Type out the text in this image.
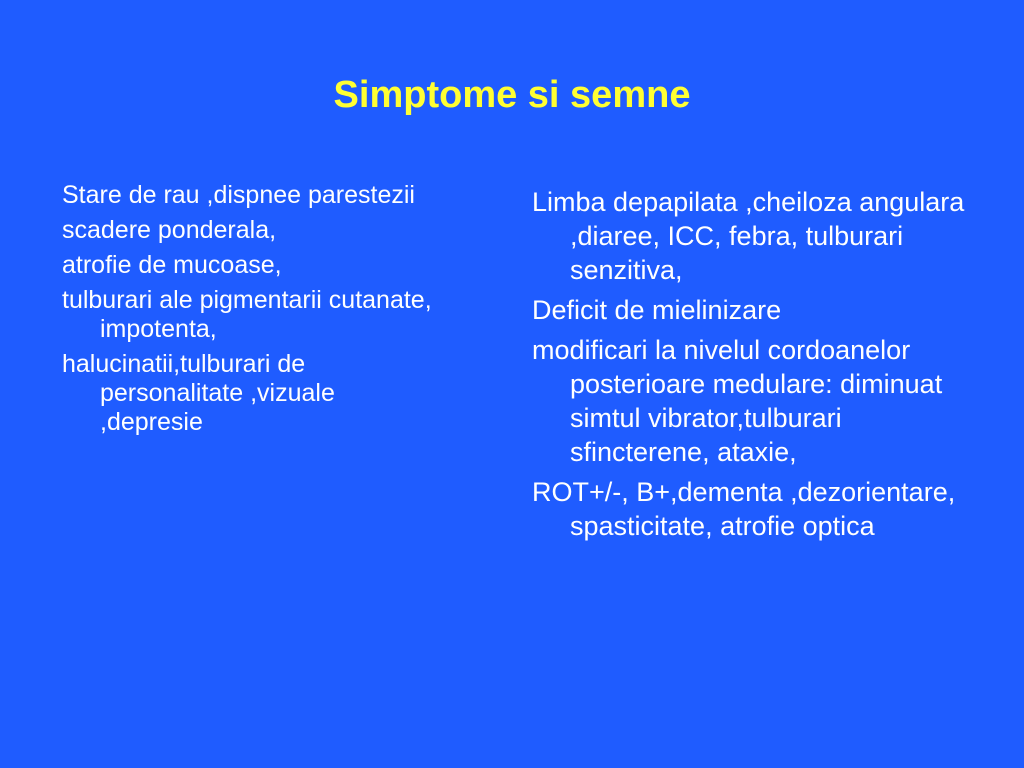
Simptome si semne
Stare de rau ,dispnee parestezii
scadere ponderala,
atrofie de mucoase,
tulburari ale pigmentarii cutanate, impotenta,
halucinatii,tulburari de personalitate ,vizuale ,depresie
Limba depapilata ,cheiloza angulara ,diaree, ICC, febra, tulburari senzitiva,
Deficit de mielinizare
modificari la nivelul cordoanelor posterioare medulare: diminuat simtul vibrator,tulburari sfincterene, ataxie,
ROT+/-, B+,dementa ,dezorientare, spasticitate, atrofie optica
